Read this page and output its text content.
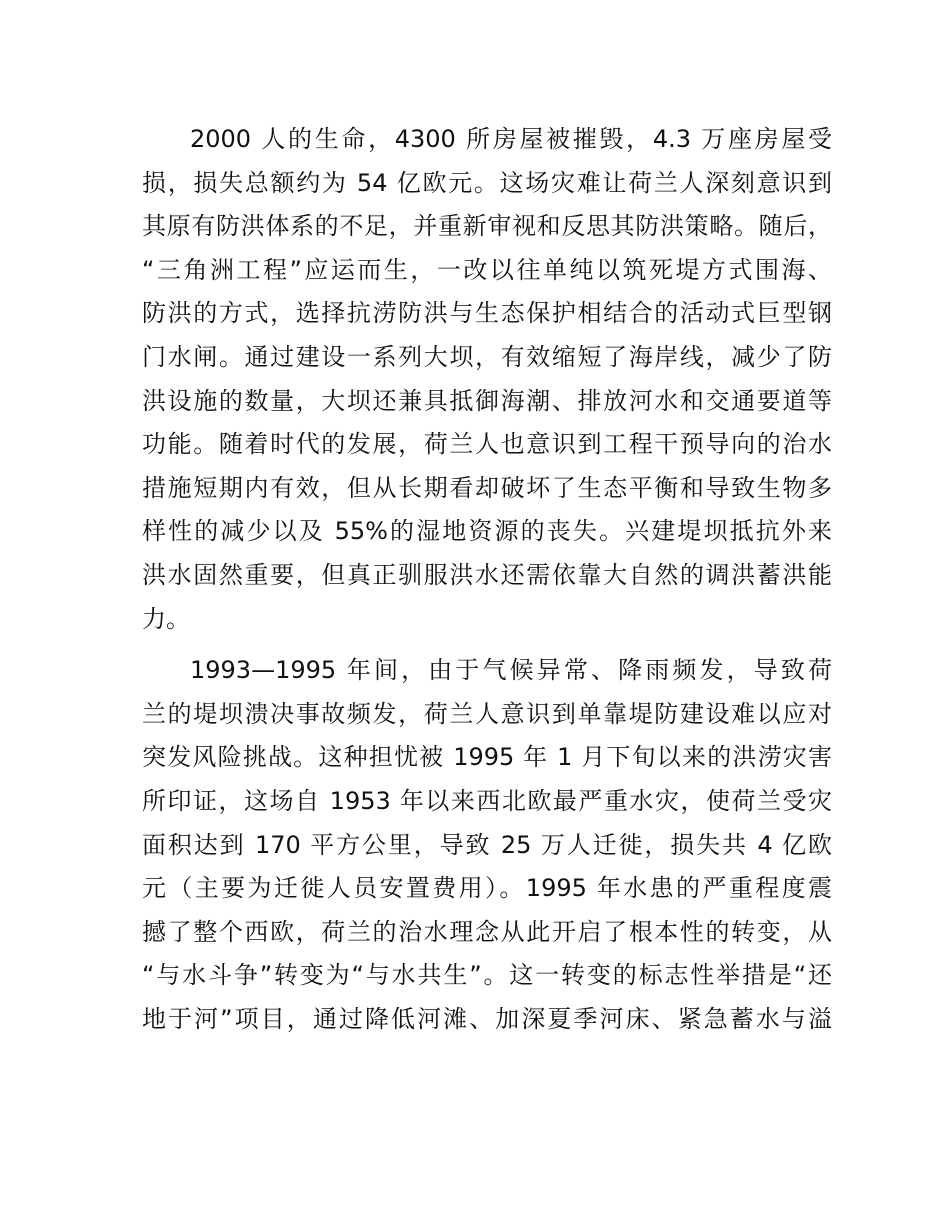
2000 人的生命，4300 所房屋被摧毁，4.3 万座房屋受
损，损失总额约为 54 亿欧元。这场灾难让荷兰人深刻意识到
其原有防洪体系的不足，并重新审视和反思其防洪策略。随后，
“三角洲工程”应运而生，一改以往单纯以筑死堤方式围海、
防洪的方式，选择抗涝防洪与生态保护相结合的活动式巨型钢
门水闸。通过建设一系列大坝，有效缩短了海岸线，减少了防
洪设施的数量，大坝还兼具抵御海潮、排放河水和交通要道等
功能。随着时代的发展，荷兰人也意识到工程干预导向的治水
措施短期内有效，但从长期看却破坏了生态平衡和导致生物多
样性的减少以及 55%的湿地资源的丧失。兴建堤坝抵抗外来
洪水固然重要，但真正驯服洪水还需依靠大自然的调洪蓄洪能
力。
1993—1995 年间，由于气候异常、降雨频发，导致荷
兰的堤坝溃决事故频发，荷兰人意识到单靠堤防建设难以应对
突发风险挑战。这种担忧被 1995 年 1 月下旬以来的洪涝灾害
所印证，这场自 1953 年以来西北欧最严重水灾，使荷兰受灾
面积达到 170 平方公里，导致 25 万人迁徙，损失共 4 亿欧
元（主要为迁徙人员安置费用）。1995 年水患的严重程度震
撼了整个西欧，荷兰的治水理念从此开启了根本性的转变，从
“与水斗争”转变为“与水共生”。这一转变的标志性举措是“还
地于河”项目，通过降低河滩、加深夏季河床、紧急蓄水与溢
